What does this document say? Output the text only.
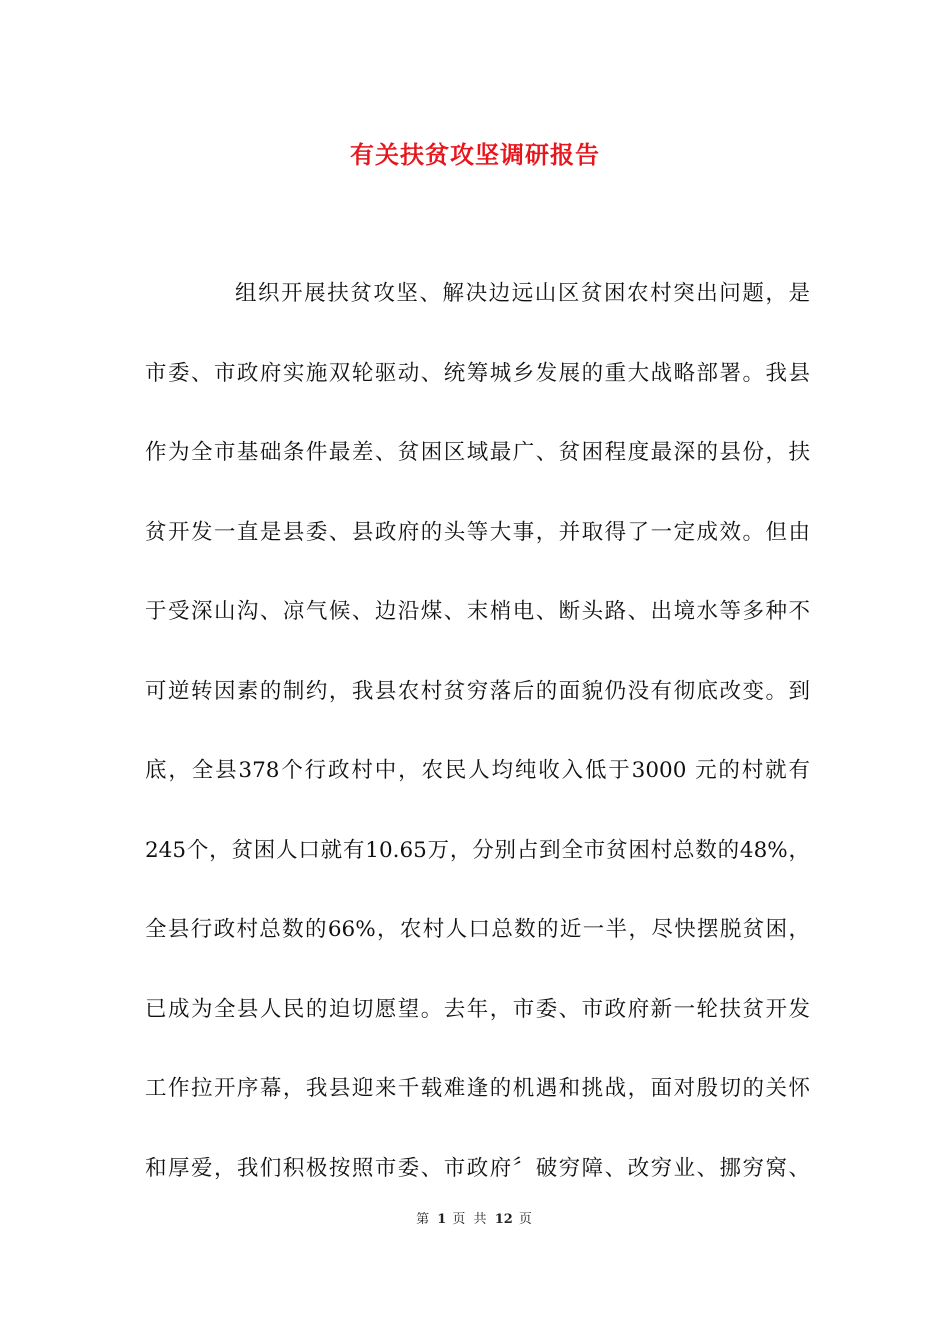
有关扶贫攻坚调研报告
组织开展扶贫攻坚、解决边远山区贫困农村突出问题，是
市委、市政府实施双轮驱动、统筹城乡发展的重大战略部署。我县
作为全市基础条件最差、贫困区域最广、贫困程度最深的县份，扶
贫开发一直是县委、县政府的头等大事，并取得了一定成效。但由
于受深山沟、凉气候、边沿煤、末梢电、断头路、出境水等多种不
可逆转因素的制约，我县农村贫穷落后的面貌仍没有彻底改变。到
底，全县378个行政村中，农民人均纯收入低于3000 元的村就有
245个，贫困人口就有10.65万，分别占到全市贫困村总数的48%，
全县行政村总数的66%，农村人口总数的近一半，尽快摆脱贫困，
已成为全县人民的迫切愿望。去年，市委、市政府新一轮扶贫开发
工作拉开序幕，我县迎来千载难逢的机遇和挑战，面对殷切的关怀
和厚爱，我们积极按照市委、市政府〞破穷障、改穷业、挪穷窝、
第 1 页 共 12 页
